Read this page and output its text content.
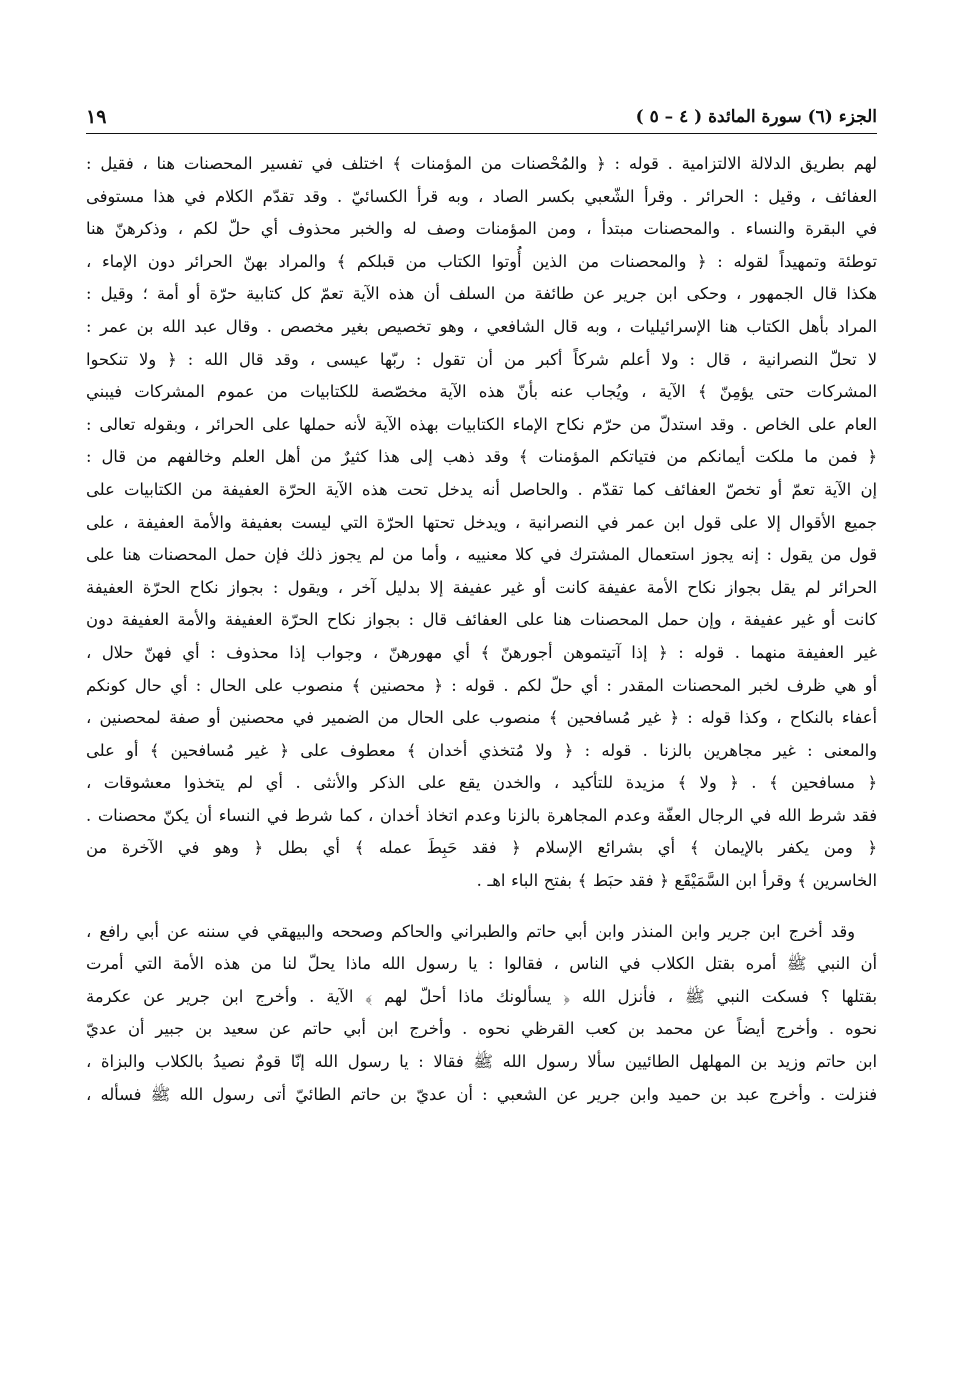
الجزء (٦) سورة المائدة ( ٤ – ٥ )
١٩
لهم بطريق الدلالة الالتزامية . قوله : ﴿ والمُحْصنات من المؤمنات ﴾ اختلف في تفسير المحصنات هنا ، فقيل :
العفائف ، وقيل : الحرائر . وقرأ الشّعبي بكسر الصاد ، وبه قرأ الكسائيّ . وقد تقدّم الكلام في هذا مستوفى
في البقرة والنساء . والمحصنات مبتدأ ، ومن المؤمنات وصف له والخبر محذوف أي حلّ لكم ، وذكرهنّ هنا
توطئة وتمهيداً لقوله : ﴿ والمحصنات من الذين أُوتوا الكتاب من قبلكم ﴾ والمراد بهنّ الحرائر دون الإماء ،
هكذا قال الجمهور ، وحكى ابن جرير عن طائفة من السلف أن هذه الآية تعمّ كل كتابية حرّة أو أمة ؛ وقيل :
المراد بأهل الكتاب هنا الإسرائيليات ، وبه قال الشافعي ، وهو تخصيص بغير مخصص . وقال عبد الله بن عمر :
لا تحلّ النصرانية ، قال : ولا أعلم شركاً أكبر من أن تقول : ربّها عيسى ، وقد قال الله : ﴿ ولا تنكحوا
المشركات حتى يؤمِنّ ﴾ الآية ، ويُجاب عنه بأنّ هذه الآية مخصّصة للكتابيات من عموم المشركات فيبني
العام على الخاص . وقد استدلّ من حرّم نكاح الإماء الكتابيات بهذه الآية لأنه حملها على الحرائر ، وبقوله تعالى :
﴿ فمن ما ملكت أيمانكم من فتياتكم المؤمنات ﴾ وقد ذهب إلى هذا كثيرٌ من أهل العلم وخالفهم من قال :
إن الآية تعمّ أو تخصّ العفائف كما تقدّم . والحاصل أنه يدخل تحت هذه الآية الحرّة العفيفة من الكتابيات على
جميع الأقوال إلا على قول ابن عمر في النصرانية ، ويدخل تحتها الحرّة التي ليست بعفيفة والأمة العفيفة ، على
قول من يقول : إنه يجوز استعمال المشترك في كلا معنييه ، وأما من لم يجوز ذلك فإن حمل المحصنات هنا على
الحرائر لم يقل بجواز نكاح الأمة عفيفة كانت أو غير عفيفة إلا بدليل آخر ، ويقول : بجواز نكاح الحرّة العفيفة
كانت أو غير عفيفة ، وإن حمل المحصنات هنا على العفائف قال : بجواز نكاح الحرّة العفيفة والأمة العفيفة دون
غير العفيفة منهما . قوله : ﴿ إذا آتيتموهن أجورهنّ ﴾ أي مهورهنّ ، وجواب إذا محذوف : أي فهنّ حلال ،
أو هي ظرف لخبر المحصنات المقدر : أي حلّ لكم . قوله : ﴿ محصنين ﴾ منصوب على الحال : أي حال كونكم
أعفاء بالنكاح ، وكذا قوله : ﴿ غير مُسافحين ﴾ منصوب على الحال من الضمير في محصنين أو صفة لمحصنين ،
والمعنى : غير مجاهرين بالزنا . قوله : ﴿ ولا مُتخذي أخدان ﴾ معطوف على ﴿ غير مُسافحين ﴾ أو على
﴿ مسافحين ﴾ . ﴿ ولا ﴾ مزيدة للتأكيد ، والخدن يقع على الذكر والأنثى . أي لم يتخذوا معشوقات ،
فقد شرط الله في الرجال العفّة وعدم المجاهرة بالزنا وعدم اتخاذ أخدان ، كما شرط في النساء أن يكنّ محصنات .
﴿ ومن يكفر بالإيمان ﴾ أي بشرائع الإسلام ﴿ فقد حَبِطَ عمله ﴾ أي بطل ﴿ وهو في الآخرة من
الخاسرين ﴾ وقرأ ابن السَّمَيْقَع ﴿ فقد حبَط ﴾ بفتح الباء اهـ .
وقد أخرج ابن جرير وابن المنذر وابن أبي حاتم والطبراني والحاكم وصححه والبيهقي في سننه عن أبي رافع ،
أن النبي ﷺ أمره بقتل الكلاب في الناس ، فقالوا : يا رسول الله ماذا يحلّ لنا من هذه الأمة التي أمرت
بقتلها ؟ فسكت النبي ﷺ ، فأنزل الله ﴿ يسألونك ماذا أحلّ لهم ﴾ الآية . وأخرج ابن جرير عن عكرمة
نحوه . وأخرج أيضاً عن محمد بن كعب القرظي نحوه . وأخرج ابن أبي حاتم عن سعيد بن جبير أن عديّ
ابن حاتم وزيد بن المهلهل الطائيين سألا رسول الله ﷺ فقالا : يا رسول الله إنّا قومٌ نصيدُ بالكلاب والبزاة ،
فنزلت . وأخرج عبد بن حميد وابن جرير عن الشعبي : أن عديّ بن حاتم الطائيّ أتى رسول الله ﷺ فسأله ،
